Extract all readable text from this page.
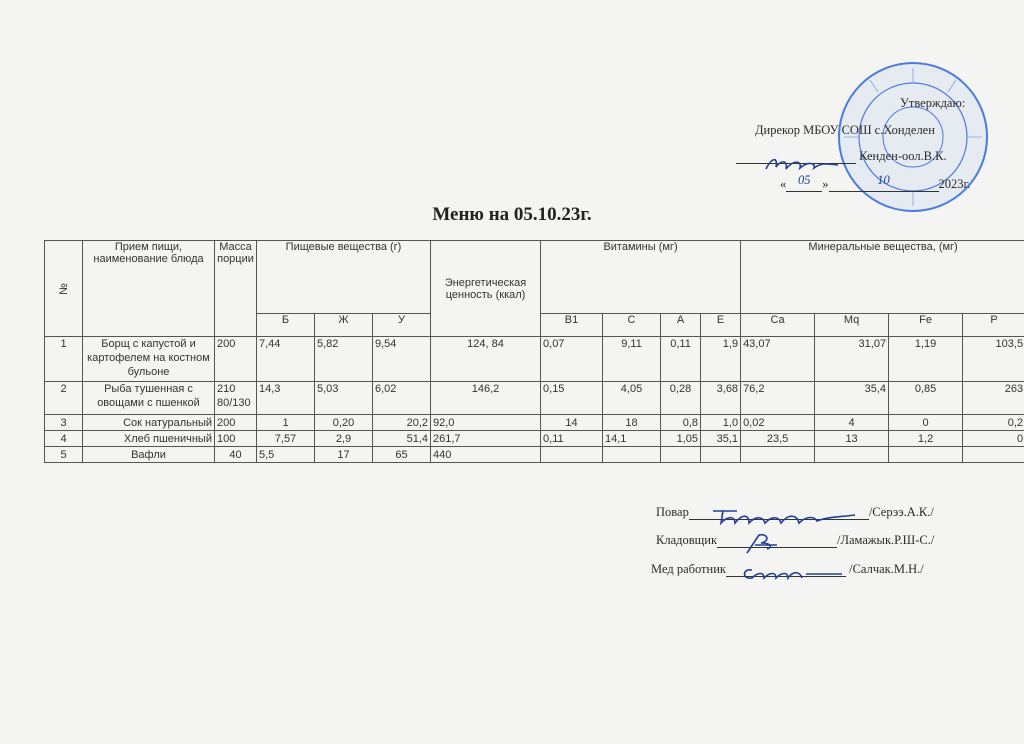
Утверждаю:
Дирекор МБОУ СОШ с.Хонделен
Кенден-оол.В.К.
« 05 »	10	2023г.
Меню на 05.10.23г.
№	Прием пищи, наименование блюда	Масса порции	Пищевые вещества (г)			Энергетическая ценность (ккал)	Витамины (мг)				Минеральные вещества, (мг)			
			Б	Ж	У		B1	C	A	E	Ca	Mq	Fe	P
1	Борщ с капустой и картофелем на костном бульоне	200	7,44	5,82	9,54	124, 84	0,07	9,11	0,11	1,9	43,07	31,07	1,19	103,5
2	Рыба тушенная с овощами с пшенкой	210 80/130	14,3	5,03	6,02	146,2	0,15	4,05	0,28	3,68	76,2	35,4	0,85	263
3	Сок натуральный	200	1	0,20	20,2	92,0	14	18	0,8	1,0	0,02	4	0	0,2
4	Хлеб пшеничный	100	7,57	2,9	51,4	261,7	0,11	14,1	1,05	35,1	23,5	13	1,2	0
5	Вафли	40	5,5	17	65	440								
Повар	/Серээ.А.К./
Кладовщик	/Ламажык.Р.Ш-С./
Мед работник	/Салчак.М.Н./
